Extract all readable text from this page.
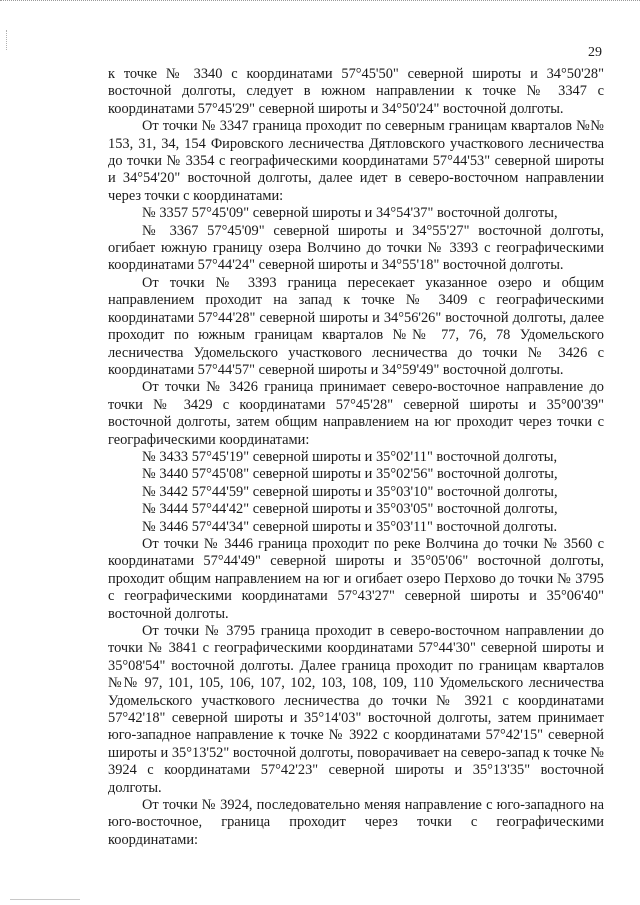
29

к точке № 3340 с координатами 57°45'50" северной широты и 34°50'28" восточной долготы, следует в южном направлении к точке № 3347 с координатами 57°45'29" северной широты и 34°50'24" восточной долготы.

От точки № 3347 граница проходит по северным границам кварталов №№ 153, 31, 34, 154 Фировского лесничества Дятловского участкового лесничества до точки № 3354 с географическими координатами 57°44'53" северной широты и 34°54'20" восточной долготы, далее идет в северо-восточном направлении через точки с координатами:

№ 3357 57°45'09" северной широты и 34°54'37" восточной долготы,

№ 3367 57°45'09" северной широты и 34°55'27" восточной долготы, огибает южную границу озера Волчино до точки № 3393 с географическими координатами 57°44'24" северной широты и 34°55'18" восточной долготы.

От точки № 3393 граница пересекает указанное озеро и общим направлением проходит на запад к точке № 3409 с географическими координатами 57°44'28" северной широты и 34°56'26" восточной долготы, далее проходит по южным границам кварталов №№ 77, 76, 78 Удомельского лесничества Удомельского участкового лесничества до точки № 3426 с координатами 57°44'57" северной широты и 34°59'49" восточной долготы.

От точки № 3426 граница принимает северо-восточное направление до точки № 3429 с координатами 57°45'28" северной широты и 35°00'39" восточной долготы, затем общим направлением на юг проходит через точки с географическими координатами:

№ 3433 57°45'19" северной широты и 35°02'11" восточной долготы,

№ 3440 57°45'08" северной широты и 35°02'56" восточной долготы,

№ 3442 57°44'59" северной широты и 35°03'10" восточной долготы,

№ 3444 57°44'42" северной широты и 35°03'05" восточной долготы,

№ 3446 57°44'34" северной широты и 35°03'11" восточной долготы.

От точки № 3446 граница проходит по реке Волчина до точки № 3560 с координатами 57°44'49" северной широты и 35°05'06" восточной долготы, проходит общим направлением на юг и огибает озеро Перхово до точки № 3795 с географическими координатами 57°43'27" северной широты и 35°06'40" восточной долготы.

От точки № 3795 граница проходит в северо-восточном направлении до точки № 3841 с географическими координатами 57°44'30" северной широты и 35°08'54" восточной долготы. Далее граница проходит по границам кварталов №№ 97, 101, 105, 106, 107, 102, 103, 108, 109, 110 Удомельского лесничества Удомельского участкового лесничества до точки № 3921 с координатами 57°42'18" северной широты и 35°14'03" восточной долготы, затем принимает юго-западное направление к точке № 3922 с координатами 57°42'15" северной широты и 35°13'52" восточной долготы, поворачивает на северо-запад к точке № 3924 с координатами 57°42'23" северной широты и 35°13'35" восточной долготы.

От точки № 3924, последовательно меняя направление с юго-западного на юго-восточное, граница проходит через точки с географическими координатами:
